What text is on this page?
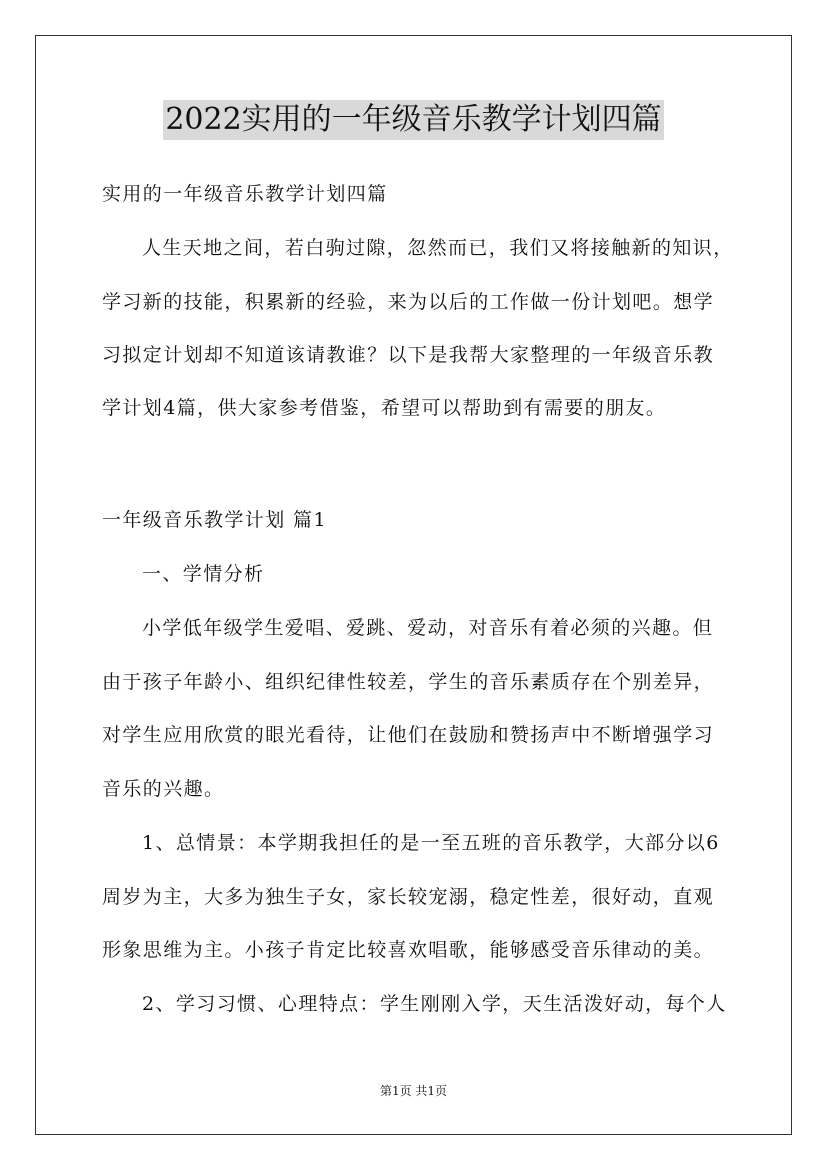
2022实用的一年级音乐教学计划四篇
实用的一年级音乐教学计划四篇
人生天地之间，若白驹过隙，忽然而已，我们又将接触新的知识，
学习新的技能，积累新的经验，来为以后的工作做一份计划吧。想学
习拟定计划却不知道该请教谁？以下是我帮大家整理的一年级音乐教
学计划4篇，供大家参考借鉴，希望可以帮助到有需要的朋友。
一年级音乐教学计划 篇1
一、学情分析
小学低年级学生爱唱、爱跳、爱动，对音乐有着必须的兴趣。但
由于孩子年龄小、组织纪律性较差，学生的音乐素质存在个别差异，
对学生应用欣赏的眼光看待，让他们在鼓励和赞扬声中不断增强学习
音乐的兴趣。
1、总情景：本学期我担任的是一至五班的音乐教学，大部分以6
周岁为主，大多为独生子女，家长较宠溺，稳定性差，很好动，直观
形象思维为主。小孩子肯定比较喜欢唱歌，能够感受音乐律动的美。
2、学习习惯、心理特点：学生刚刚入学，天生活泼好动，每个人
第1页 共1页
